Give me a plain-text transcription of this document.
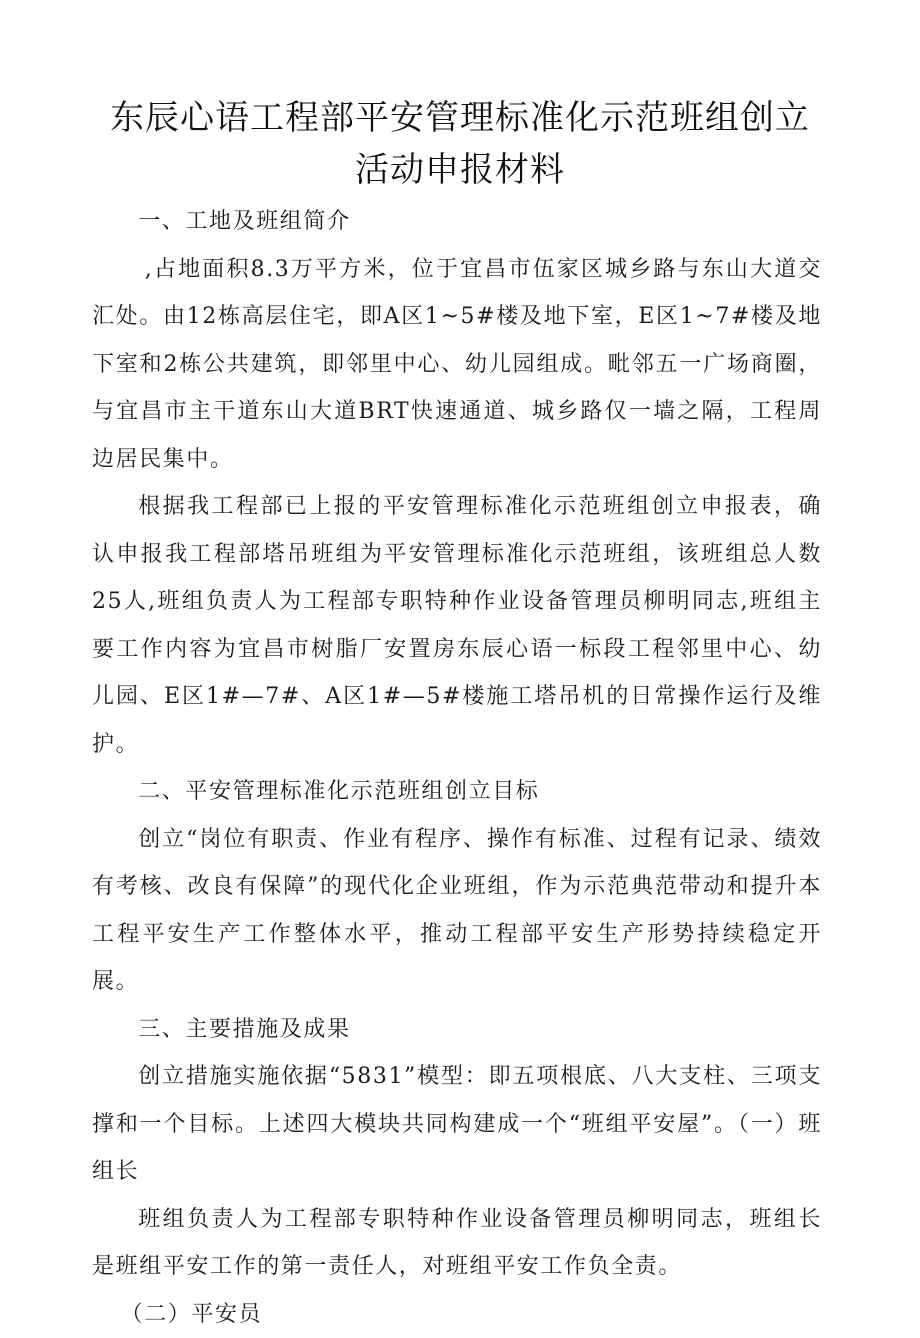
东辰心语工程部平安管理标准化示范班组创立活动申报材料

一、工地及班组简介

,占地面积8.3万平方米，位于宜昌市伍家区城乡路与东山大道交汇处。由12栋高层住宅，即A区1~5#楼及地下室，E区1~7#楼及地下室和2栋公共建筑，即邻里中心、幼儿园组成。毗邻五一广场商圈，与宜昌市主干道东山大道BRT快速通道、城乡路仅一墙之隔，工程周边居民集中。

根据我工程部已上报的平安管理标准化示范班组创立申报表，确认申报我工程部塔吊班组为平安管理标准化示范班组，该班组总人数25人,班组负责人为工程部专职特种作业设备管理员柳明同志,班组主要工作内容为宜昌市树脂厂安置房东辰心语一标段工程邻里中心、幼儿园、E区1#—7#、A区1#—5#楼施工塔吊机的日常操作运行及维护。

二、平安管理标准化示范班组创立目标

创立“岗位有职责、作业有程序、操作有标准、过程有记录、绩效有考核、改良有保障”的现代化企业班组，作为示范典范带动和提升本工程平安生产工作整体水平，推动工程部平安生产形势持续稳定开展。

三、主要措施及成果

创立措施实施依据“5831”模型：即五项根底、八大支柱、三项支撑和一个目标。上述四大模块共同构建成一个“班组平安屋”。（一）班组长

班组负责人为工程部专职特种作业设备管理员柳明同志，班组长是班组平安工作的第一责任人，对班组平安工作负全责。

（二）平安员
